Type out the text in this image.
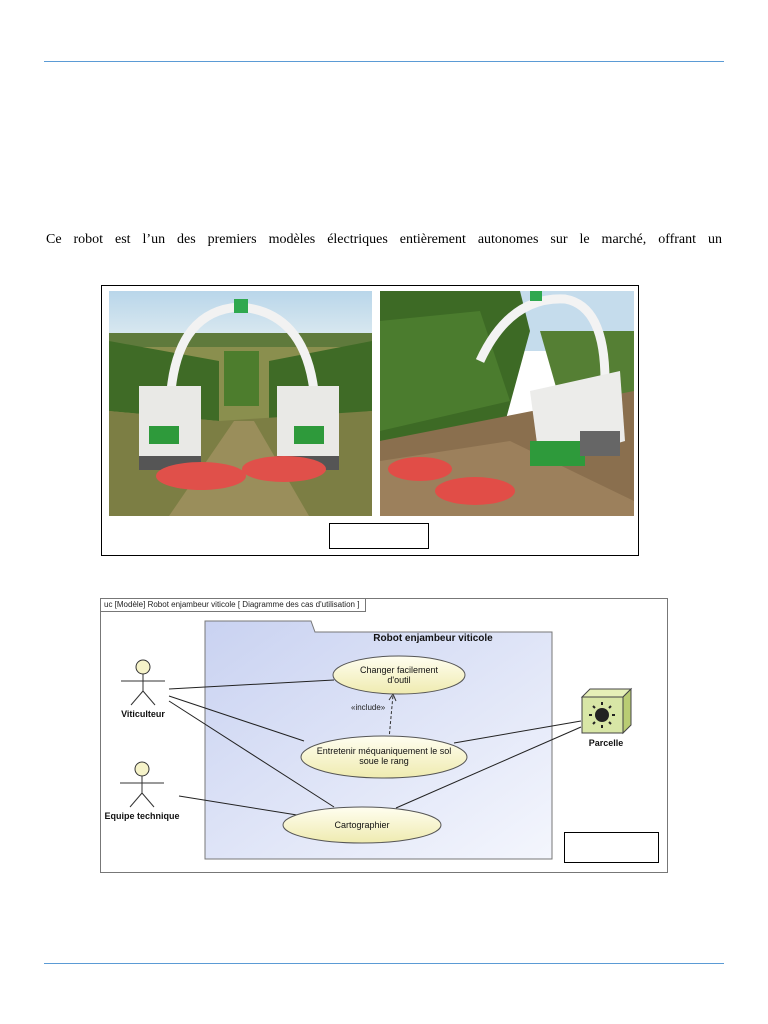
Ce robot est l’un des premiers modèles électriques entièrement autonomes sur le marché, offrant un
uc [Modèle] Robot enjambeur viticole [ Diagramme des cas d'utilisation ]
Robot enjambeur viticole
Viticulteur
Equipe technique
Parcelle
Changer facilement d'outil
Entretenir méquaniquement le sol soue le rang
Cartographier
«include»
